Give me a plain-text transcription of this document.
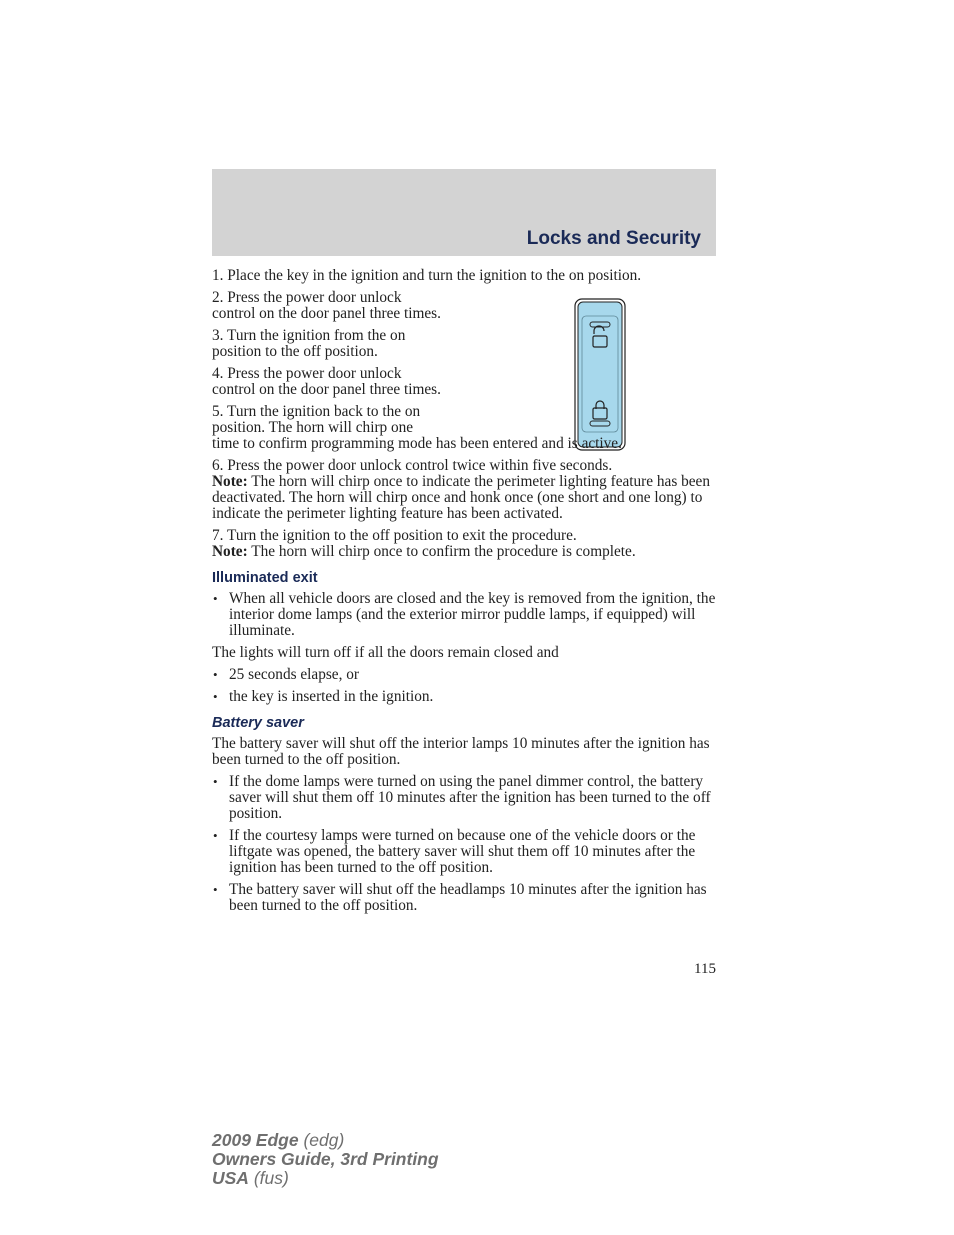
Locks and Security

1. Place the key in the ignition and turn the ignition to the on position.

2. Press the power door unlock control on the door panel three times.

3. Turn the ignition from the on position to the off position.

4. Press the power door unlock control on the door panel three times.

5. Turn the ignition back to the on position. The horn will chirp one
time to confirm programming mode has been entered and is active.

6. Press the power door unlock control twice within five seconds.
Note: The horn will chirp once to indicate the perimeter lighting feature has been deactivated. The horn will chirp once and honk once (one short and one long) to indicate the perimeter lighting feature has been activated.

7. Turn the ignition to the off position to exit the procedure.
Note: The horn will chirp once to confirm the procedure is complete.

Illuminated exit
• When all vehicle doors are closed and the key is removed from the ignition, the interior dome lamps (and the exterior mirror puddle lamps, if equipped) will illuminate.

The lights will turn off if all the doors remain closed and

• 25 seconds elapse, or
• the key is inserted in the ignition.
Battery saver

The battery saver will shut off the interior lamps 10 minutes after the ignition has been turned to the off position.

• If the dome lamps were turned on using the panel dimmer control, the battery saver will shut them off 10 minutes after the ignition has been turned to the off position.
• If the courtesy lamps were turned on because one of the vehicle doors or the liftgate was opened, the battery saver will shut them off 10 minutes after the ignition has been turned to the off position.
• The battery saver will shut off the headlamps 10 minutes after the ignition has been turned to the off position.
115
2009 Edge (edg)
Owners Guide, 3rd Printing
USA (fus)
